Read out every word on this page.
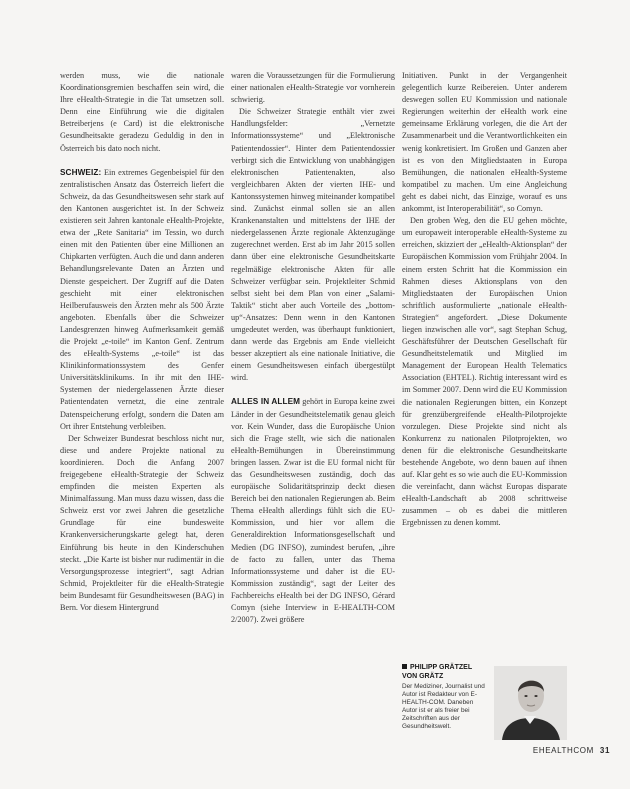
werden muss, wie die nationale Koordinationsgremien beschaffen sein wird, die Ihre eHealth-Strategie in die Tat umsetzen soll. Denn eine Einführung wie die digitalen Betreiberjens (e Card) ist die elektronische Gesundheitsakte geradezu Geduldig in den in Österreich bis dato noch nicht.

SCHWEIZ: Ein extremes Gegenbeispiel für den zentralistischen Ansatz das Österreich liefert die Schweiz, da das Gesundheitswesen sehr stark auf den Kantonen ausgerichtet ist. In der Schweiz existieren seit Jahren kantonale eHealth-Projekte, etwa der „Rete Sanitaria“ im Tessin, wo durch einen mit den Patienten über eine Millionen an Chipkarten verfügten. Auch die und dann anderen Behandlungsrelevante Daten an Ärzten und Dienste gespeichert. Der Zugriff auf die Daten geschieht mit einer elektronischen Heilberufausweis den Ärzten mehr als 500 Ärzte angeboten. Ebenfalls über die Schweizer Landesgrenzen hinweg Aufmerksamkeit gemäß die Projekt „e-toile“ im Kanton Genf. Zentrum des eHealth-Systems „e-toile“ ist das Klinikinformationssystem des Genfer Universitätsklinikums. In ihr mit den IHE-Systemen der niedergelassenen Ärzte dieser Patientendaten vernetzt, die eine zentrale Datenspeicherung erfolgt, sondern die Daten am Ort ihrer Entstehung verbleiben.

Der Schweizer Bundesrat beschloss nicht nur, diese und andere Projekte national zu koordinieren. Doch die Anfang 2007 freigegebene eHealth-Strategie der Schweiz empfinden die meisten Experten als Minimalfassung. Man muss dazu wissen, dass die Schweiz erst vor zwei Jahren die gesetzliche Grundlage für eine bundesweite Krankenversicherungskarte gelegt hat, deren Einführung bis heute in den Kinderschuhen steckt. „Die Karte ist bisher nur rudimentär in die Versorgungsprozesse integriert“, sagt Adrian Schmid, Projektleiter für die eHealth-Strategie beim Bundesamt für Gesundheitswesen (BAG) in Bern. Vor diesem Hintergrund

waren die Voraussetzungen für die Formulierung einer nationalen eHealth-Strategie vor vornherein schwierig.

Die Schweizer Strategie enthält vier zwei Handlungsfelder: „Vernetzte Informationssysteme“ und „Elektronische Patientendossier“. Hinter dem Patientendossier verbirgt sich die Entwicklung von unabhängigen elektronischen Patientenakten, also vergleichbaren Akten der vierten IHE- und Kantonssystemen hinweg miteinander kompatibel sind. Zunächst einmal sollen sie an allen Krankenanstalten und mittelstens der IHE der niedergelassenen Ärzte regionale Aktenzugänge zugerechnet werden. Erst ab im Jahr 2015 sollen dann über eine elektronische Gesundheitskarte regelmäßige elektronische Akten für alle Schweizer verfügbar sein. Projektleiter Schmid selbst sieht bei dem Plan von einer „Salami-Taktik“ sticht aber auch Vorteile des „bottom-up“-Ansatzes: Denn wenn in den Kantonen umgedeutet werden, was überhaupt funktioniert, dann werde das Ergebnis am Ende vielleicht besser akzeptiert als eine nationale Initiative, die einem Gesundheitswesen einfach übergestülpt wird.

ALLES IN ALLEM gehört in Europa keine zwei Länder in der Gesundheitstelematik genau gleich vor. Kein Wunder, dass die Europäische Union sich die Frage stellt, wie sich die nationalen eHealth-Bemühungen in Übereinstimmung bringen lassen. Zwar ist die EU formal nicht für das Gesundheitswesen zuständig, doch das europäische Solidaritätsprinzip deckt diesen Bereich bei den nationalen Regierungen ab. Beim Thema eHealth allerdings fühlt sich die EU-Kommission, und hier vor allem die Generaldirektion Informationsgesellschaft und Medien (DG INFSO), zumindest berufen, „ihre de facto zu fallen, unter das Thema Informationssysteme und daher ist die EU-Kommission zuständig“, sagt der Leiter des Fachbereichs eHealth bei der DG INFSO, Gérard Comyn (siehe Interview in E-HEALTH-COM 2/2007). Zwei größere

Initiativen. Punkt in der Vergangenheit gelegentlich kurze Reibereien. Unter anderem deswegen sollen EU Kommission und nationale Regierungen weiterhin der eHealth work eine gemeinsame Erklärung vorlegen, die die Art der Zusammenarbeit und die Verantwortlichkeiten ein wenig konkretisiert. Im Großen und Ganzen aber ist es von den Mitgliedstaaten in Europa Bemühungen, die nationalen eHealth-Systeme kompatibel zu machen. Um eine Angleichung geht es dabei nicht, das Einzige, worauf es uns ankommt, ist Interoperabilität“, so Comyn.

Den groben Weg, den die EU gehen möchte, um europaweit interoperable eHealth-Systeme zu erreichen, skizziert der „eHealth-Aktionsplan“ der Europäischen Kommission vom Frühjahr 2004. In einem ersten Schritt hat die Kommission ein Rahmen dieses Aktionsplans von den Mitgliedstaaten der Europäischen Union schriftlich ausformulierte „nationale eHealth-Strategien“ angefordert. „Diese Dokumente liegen inzwischen alle vor“, sagt Stephan Schug, Geschäftsführer der Deutschen Gesellschaft für Gesundheitstelematik und Mitglied im Management der European Health Telematics Association (EHTEL). Richtig interessant wird es im Sommer 2007. Denn wird die EU Kommission die nationalen Regierungen bitten, ein Konzept für grenzübergreifende eHealth-Pilotprojekte vorzulegen. Diese Projekte sind nicht als Konkurrenz zu nationalen Pilotprojekten, wo denen für die elektronische Gesundheitskarte bestehende Angebote, wo denn bauen auf ihnen auf. Klar geht es so wie auch die EU-Kommission die vereinfacht, dann wächst Europas disparate eHealth-Landschaft ab 2008 schrittweise zusammen – ob es dabei die mittleren Ergebnissen zu denen kommt.

PHILIPP GRÄTZEL VON GRÄTZ
Der Mediziner, Journalist und Autor ist Redakteur von E-HEALTH-COM. Daneben Autor ist er als freier bei Zeitschriften aus der Gesundheitswelt.
EHEALTHCOM 31
